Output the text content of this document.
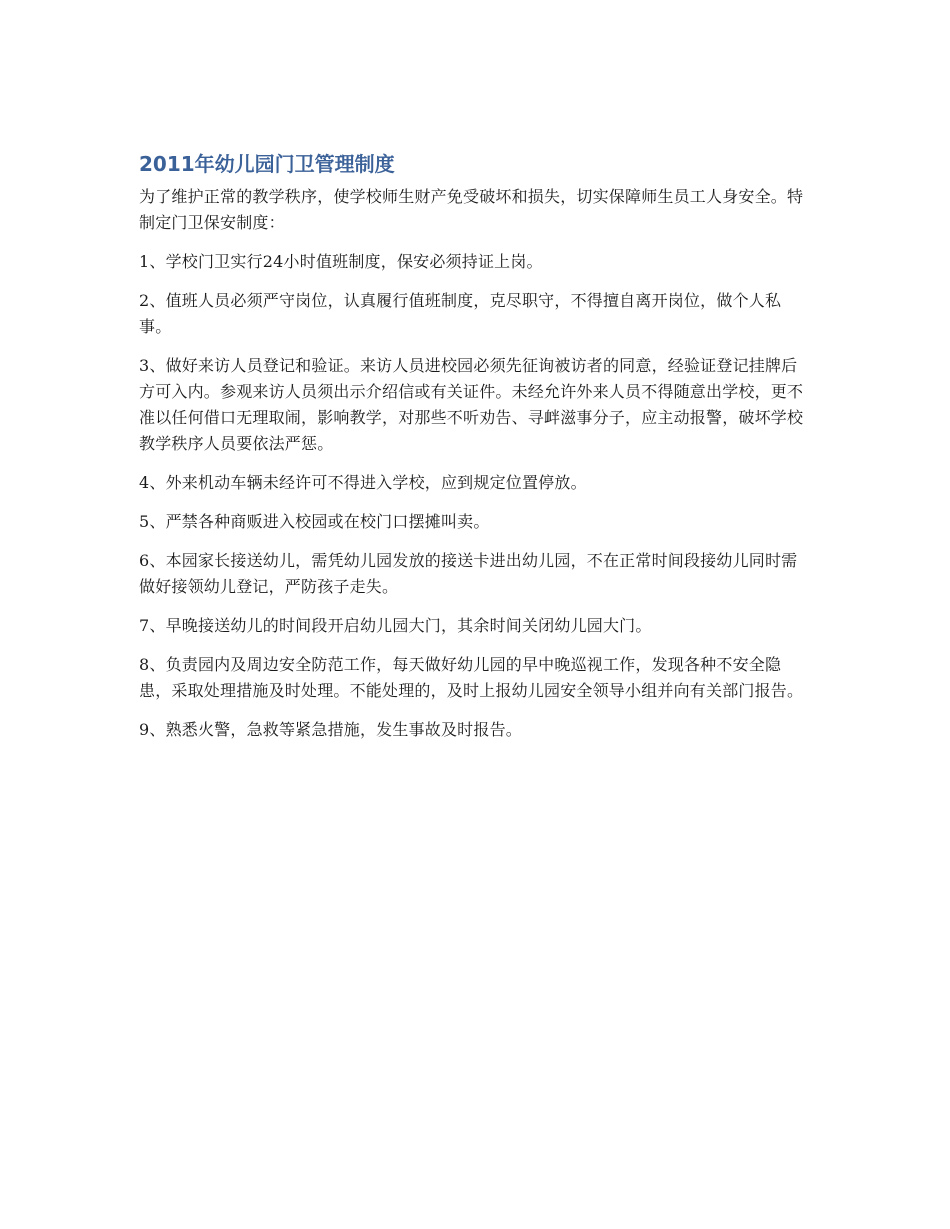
2011年幼儿园门卫管理制度

为了维护正常的教学秩序，使学校师生财产免受破坏和损失，切实保障师生员工人身安全。特制定门卫保安制度：

1、学校门卫实行24小时值班制度，保安必须持证上岗。

2、值班人员必须严守岗位，认真履行值班制度，克尽职守，不得擅自离开岗位，做个人私事。

3、做好来访人员登记和验证。来访人员进校园必须先征询被访者的同意，经验证登记挂牌后方可入内。参观来访人员须出示介绍信或有关证件。未经允许外来人员不得随意出学校，更不准以任何借口无理取闹，影响教学，对那些不听劝告、寻衅滋事分子，应主动报警，破坏学校教学秩序人员要依法严惩。

4、外来机动车辆未经许可不得进入学校，应到规定位置停放。

5、严禁各种商贩进入校园或在校门口摆摊叫卖。

6、本园家长接送幼儿，需凭幼儿园发放的接送卡进出幼儿园，不在正常时间段接幼儿同时需做好接领幼儿登记，严防孩子走失。

7、早晚接送幼儿的时间段开启幼儿园大门，其余时间关闭幼儿园大门。

8、负责园内及周边安全防范工作，每天做好幼儿园的早中晚巡视工作，发现各种不安全隐患，采取处理措施及时处理。不能处理的，及时上报幼儿园安全领导小组并向有关部门报告。

9、熟悉火警，急救等紧急措施，发生事故及时报告。
